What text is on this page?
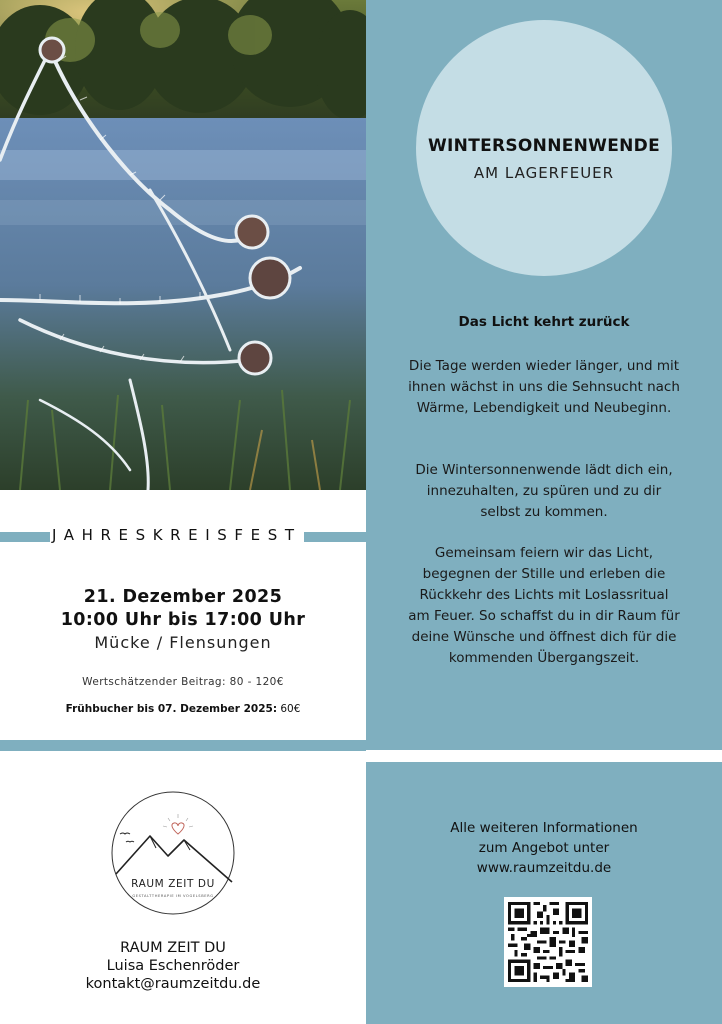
WINTERSONNENWENDE
AM LAGERFEUER
Das Licht kehrt zurück
Die Tage werden wieder länger, und mit ihnen wächst in uns die Sehnsucht nach Wärme, Lebendigkeit und Neubeginn.
Die Wintersonnenwende lädt dich ein, innezuhalten, zu spüren und zu dir selbst zu kommen.
Gemeinsam feiern wir das Licht, begegnen der Stille und erleben die Rückkehr des Lichts mit Loslassritual am Feuer. So schaffst du in dir Raum für deine Wünsche und öffnest dich für die kommenden Übergangszeit.
Alle weiteren Informationen
zum Angebot unter
www.raumzeitdu.de
JAHRESKREISFEST
21. Dezember 2025
10:00 Uhr bis 17:00 Uhr
Mücke / Flensungen
Wertschätzender Beitrag: 80 - 120€
Frühbucher bis 07. Dezember 2025: 60€
RAUM ZEIT DU
GESTALTTHERAPIE IM VOGELSBERG
RAUM ZEIT DU
Luisa Eschenröder
kontakt@raumzeitdu.de
